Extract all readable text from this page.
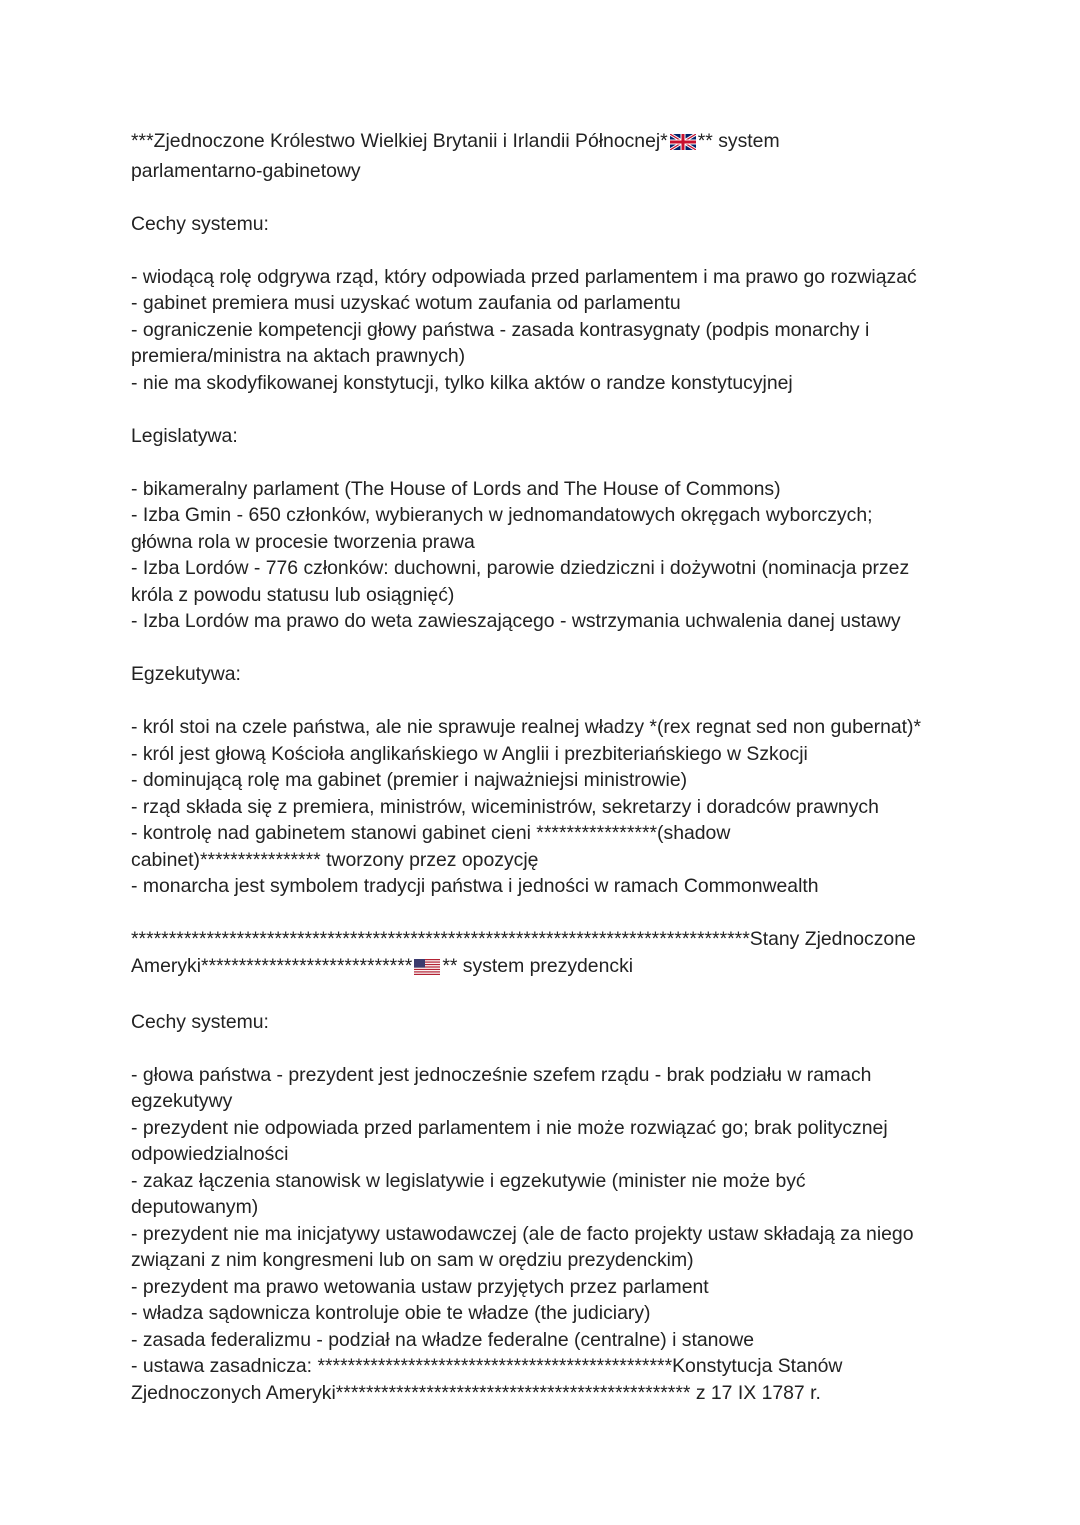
***Zjednoczone Królestwo Wielkiej Brytanii i Irlandii Północnej* ** system
parlamentarno-gabinetowy
Cechy systemu:
- wiodącą rolę odgrywa rząd, który odpowiada przed parlamentem i ma prawo go rozwiązać
- gabinet premiera musi uzyskać wotum zaufania od parlamentu
- ograniczenie kompetencji głowy państwa - zasada kontrasygnaty (podpis monarchy i
premiera/ministra na aktach prawnych)
- nie ma skodyfikowanej konstytucji, tylko kilka aktów o randze konstytucyjnej
Legislatywa:
- bikameralny parlament (The House of Lords and The House of Commons)
- Izba Gmin - 650 członków, wybieranych w jednomandatowych okręgach wyborczych;
główna rola w procesie tworzenia prawa
- Izba Lordów - 776 członków: duchowni, parowie dziedziczni i dożywotni (nominacja przez
króla z powodu statusu lub osiągnięć)
- Izba Lordów ma prawo do weta zawieszającego - wstrzymania uchwalenia danej ustawy
Egzekutywa:
- król stoi na czele państwa, ale nie sprawuje realnej władzy *(rex regnat sed non gubernat)*
- król jest głową Kościoła anglikańskiego w Anglii i prezbiteriańskiego w Szkocji
- dominującą rolę ma gabinet (premier i najważniejsi ministrowie)
- rząd składa się z premiera, ministrów, wiceministrów, sekretarzy i doradców prawnych
- kontrolę nad gabinetem stanowi gabinet cieni ****************(shadow
cabinet)**************** tworzony przez opozycję
- monarcha jest symbolem tradycji państwa i jedności w ramach Commonwealth
**********************************************************************************Stany Zjednoczone
Ameryki**************************** ** system prezydencki
Cechy systemu:
- głowa państwa - prezydent jest jednocześnie szefem rządu - brak podziału w ramach
egzekutywy
- prezydent nie odpowiada przed parlamentem i nie może rozwiązać go; brak politycznej
odpowiedzialności
- zakaz łączenia stanowisk w legislatywie i egzekutywie (minister nie może być
deputowanym)
- prezydent nie ma inicjatywy ustawodawczej (ale de facto projekty ustaw składają za niego
związani z nim kongresmeni lub on sam w orędziu prezydenckim)
- prezydent ma prawo wetowania ustaw przyjętych przez parlament
- władza sądownicza kontroluje obie te władze (the judiciary)
- zasada federalizmu - podział na władze federalne (centralne) i stanowe
- ustawa zasadnicza: ***********************************************Konstytucja Stanów
Zjednoczonych Ameryki*********************************************** z 17 IX 1787 r.
